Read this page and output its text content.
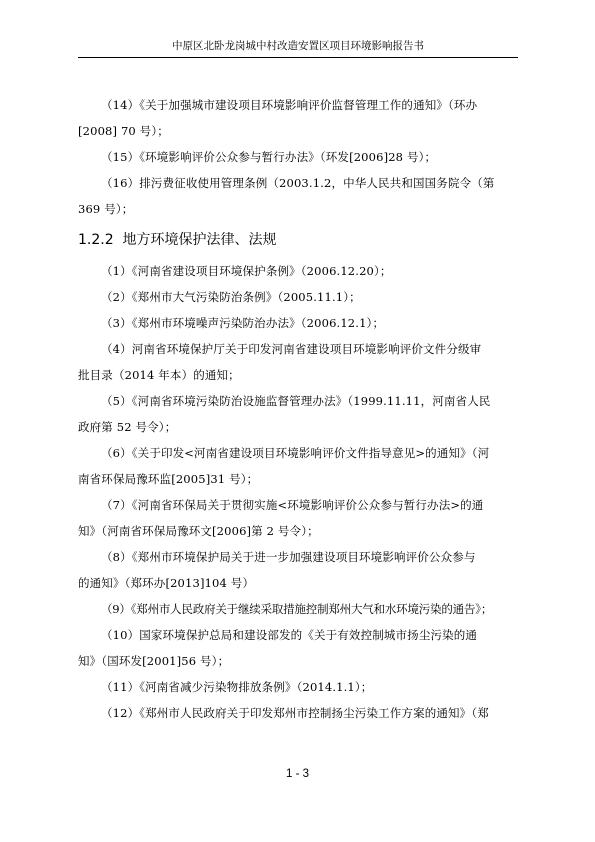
中原区北卧龙岗城中村改造安置区项目环境影响报告书

（14）《关于加强城市建设项目环境影响评价监督管理工作的通知》（环办
[2008] 70 号）；

（15）《环境影响评价公众参与暂行办法》（环发[2006]28 号）；

（16）排污费征收使用管理条例（2003.1.2，中华人民共和国国务院令（第
369 号）；

1.2.2 地方环境保护法律、法规

（1）《河南省建设项目环境保护条例》（2006.12.20）；

（2）《郑州市大气污染防治条例》（2005.11.1）；

（3）《郑州市环境噪声污染防治办法》（2006.12.1）；

（4）河南省环境保护厅关于印发河南省建设项目环境影响评价文件分级审
批目录（2014 年本）的通知；

（5）《河南省环境污染防治设施监督管理办法》（1999.11.11，河南省人民
政府第 52 号令）；

（6）《关于印发<河南省建设项目环境影响评价文件指导意见>的通知》（河
南省环保局豫环监[2005]31 号）；

（7）《河南省环保局关于贯彻实施<环境影响评价公众参与暂行办法>的通
知》（河南省环保局豫环文[2006]第 2 号令）；

（8）《郑州市环境保护局关于进一步加强建设项目环境影响评价公众参与
的通知》（郑环办[2013]104 号）

（9）《郑州市人民政府关于继续采取措施控制郑州大气和水环境污染的通告》；

（10）国家环境保护总局和建设部发的《关于有效控制城市扬尘污染的通
知》（国环发[2001]56 号）；

（11）《河南省减少污染物排放条例》（2014.1.1）；

（12）《郑州市人民政府关于印发郑州市控制扬尘污染工作方案的通知》（郑

1 - 3
